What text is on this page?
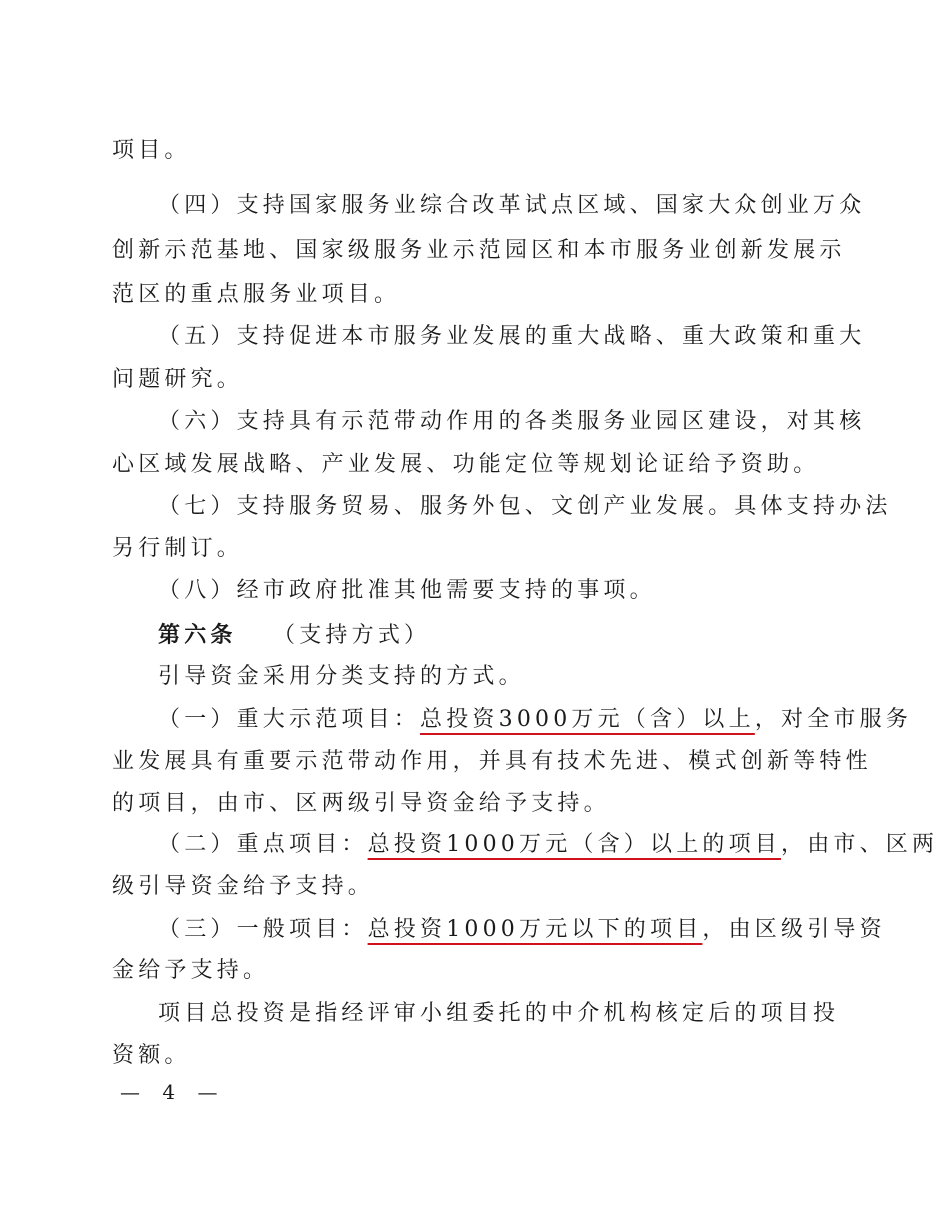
项目。
（四）支持国家服务业综合改革试点区域、国家大众创业万众
创新示范基地、国家级服务业示范园区和本市服务业创新发展示
范区的重点服务业项目。
（五）支持促进本市服务业发展的重大战略、重大政策和重大
问题研究。
（六）支持具有示范带动作用的各类服务业园区建设，对其核
心区域发展战略、产业发展、功能定位等规划论证给予资助。
（七）支持服务贸易、服务外包、文创产业发展。具体支持办法
另行制订。
（八）经市政府批准其他需要支持的事项。
第六条 （支持方式）
引导资金采用分类支持的方式。
（一）重大示范项目：总投资3000万元（含）以上，对全市服务
业发展具有重要示范带动作用，并具有技术先进、模式创新等特性
的项目，由市、区两级引导资金给予支持。
（二）重点项目：总投资1000万元（含）以上的项目，由市、区两
级引导资金给予支持。
（三）一般项目：总投资1000万元以下的项目，由区级引导资
金给予支持。
项目总投资是指经评审小组委托的中介机构核定后的项目投
资额。
— 4 —
